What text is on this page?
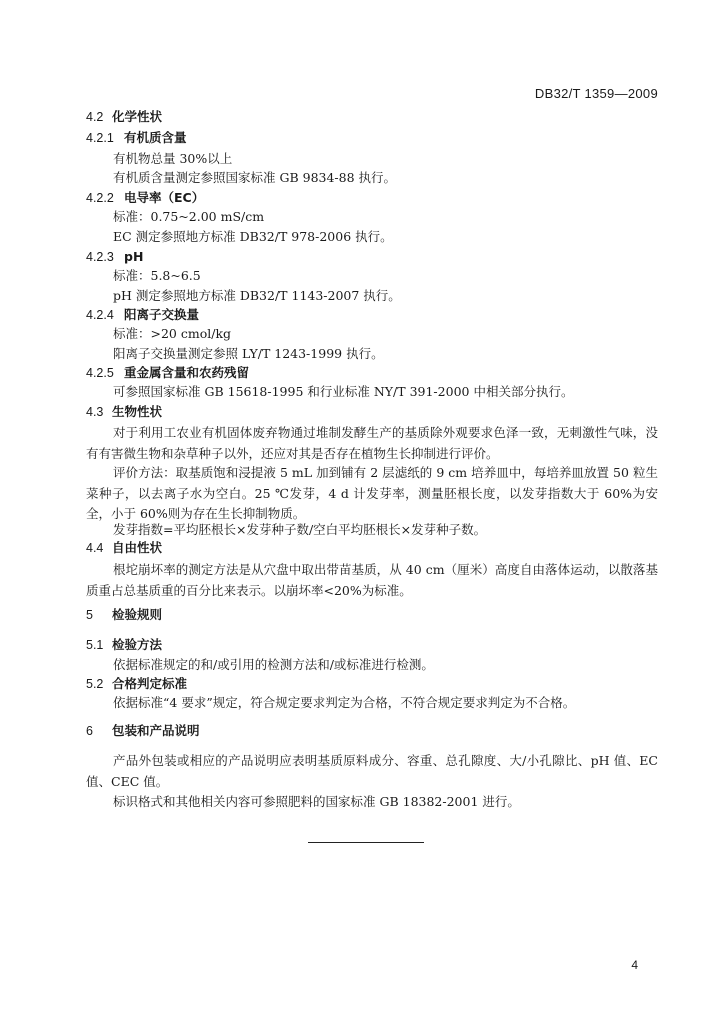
DB32/T 1359—2009
4.2 化学性状
4.2.1 有机质含量
有机物总量 30%以上
有机质含量测定参照国家标准 GB 9834-88 执行。
4.2.2 电导率（EC）
标准：0.75~2.00 mS/cm
EC 测定参照地方标准 DB32/T 978-2006 执行。
4.2.3 pH
标准：5.8~6.5
pH 测定参照地方标准 DB32/T 1143-2007 执行。
4.2.4 阳离子交换量
标准：>20 cmol/kg
阳离子交换量测定参照 LY/T 1243-1999 执行。
4.2.5 重金属含量和农药残留
可参照国家标准 GB 15618-1995 和行业标准 NY/T 391-2000 中相关部分执行。
4.3 生物性状
对于利用工农业有机固体废弃物通过堆制发酵生产的基质除外观要求色泽一致，无刺激性气味，没有有害微生物和杂草种子以外，还应对其是否存在植物生长抑制进行评价。
评价方法：取基质饱和浸提液 5 mL 加到铺有 2 层滤纸的 9 cm 培养皿中，每培养皿放置 50 粒生菜种子，以去离子水为空白。25 ℃发芽，4 d 计发芽率，测量胚根长度，以发芽指数大于 60%为安全，小于 60%则为存在生长抑制物质。
发芽指数=平均胚根长×发芽种子数/空白平均胚根长×发芽种子数。
4.4 自由性状
根坨崩坏率的测定方法是从穴盘中取出带苗基质，从 40 cm（厘米）高度自由落体运动，以散落基质重占总基质重的百分比来表示。以崩坏率<20%为标准。
5 检验规则
5.1 检验方法
依据标准规定的和/或引用的检测方法和/或标准进行检测。
5.2 合格判定标准
依据标准“4 要求”规定，符合规定要求判定为合格，不符合规定要求判定为不合格。
6 包装和产品说明
产品外包装或相应的产品说明应表明基质原料成分、容重、总孔隙度、大/小孔隙比、pH 值、EC 值、CEC 值。
标识格式和其他相关内容可参照肥料的国家标准 GB 18382-2001 进行。
4
